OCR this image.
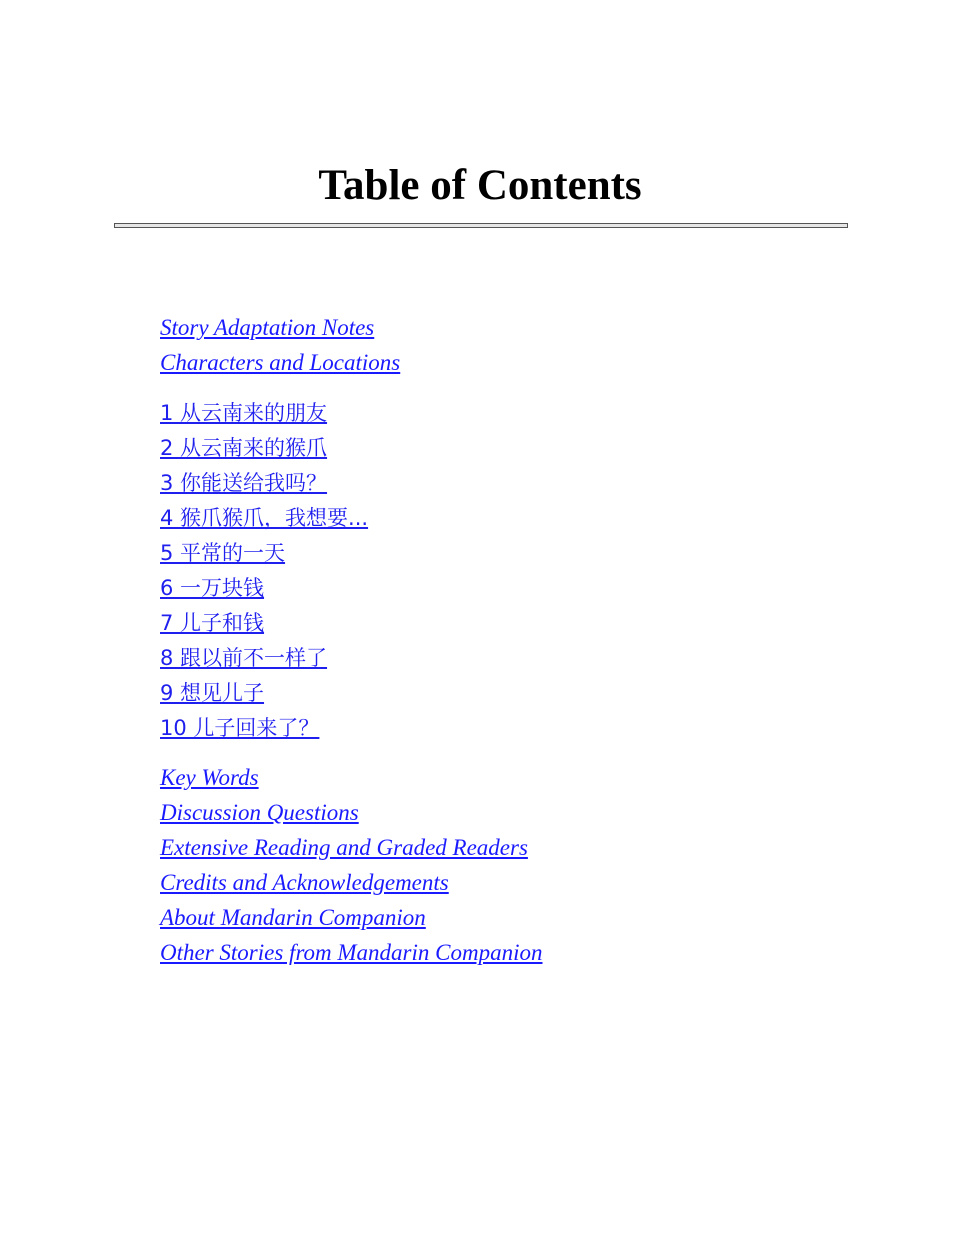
Table of Contents
Story Adaptation Notes
Characters and Locations
1 从云南来的朋友
2 从云南来的猴爪
3 你能送给我吗？
4 猴爪猴爪，我想要...
5 平常的一天
6 一万块钱
7 儿子和钱
8 跟以前不一样了
9 想见儿子
10 儿子回来了？
Key Words
Discussion Questions
Extensive Reading and Graded Readers
Credits and Acknowledgements
About Mandarin Companion
Other Stories from Mandarin Companion
